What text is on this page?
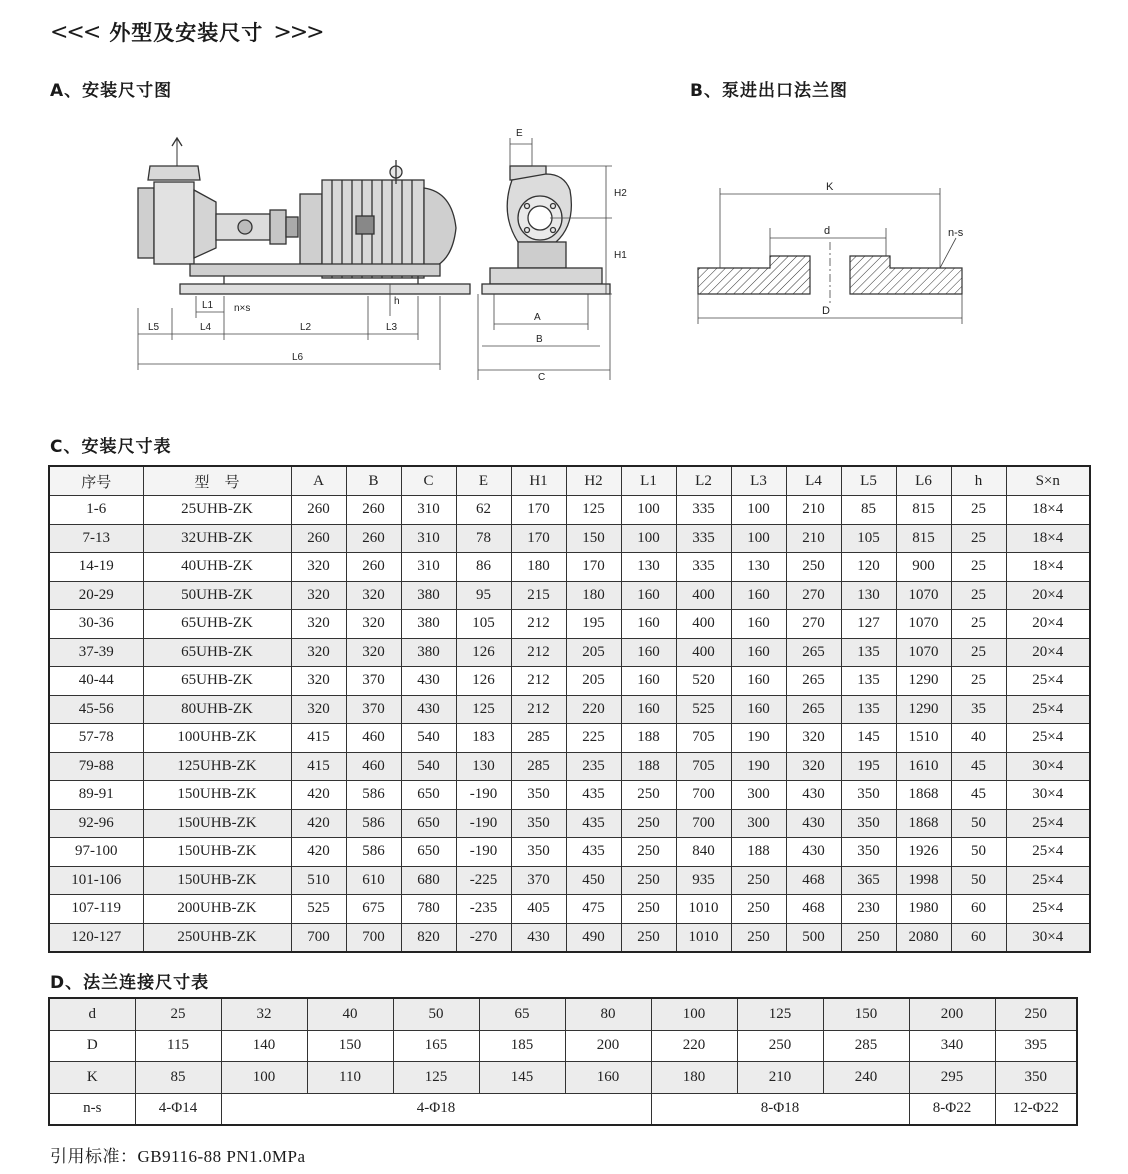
<<< 外型及安装尺寸 >>>
A、安装尺寸图	B、泵进出口法兰图
L5	L4
L1 n×s
L2	L3
h
L6
E
H2
H1
A
B
C
K
d	n-s
D
C、安装尺寸表
序号	型　号	A	B	C	E	H1	H2	L1	L2	L3	L4	L5	L6	h	S×n
1-6	25UHB-ZK	260	260	310	62	170	125	100	335	100	210	85	815	25	18×4
7-13	32UHB-ZK	260	260	310	78	170	150	100	335	100	210	105	815	25	18×4
14-19	40UHB-ZK	320	260	310	86	180	170	130	335	130	250	120	900	25	18×4
20-29	50UHB-ZK	320	320	380	95	215	180	160	400	160	270	130	1070	25	20×4
30-36	65UHB-ZK	320	320	380	105	212	195	160	400	160	270	127	1070	25	20×4
37-39	65UHB-ZK	320	320	380	126	212	205	160	400	160	265	135	1070	25	20×4
40-44	65UHB-ZK	320	370	430	126	212	205	160	520	160	265	135	1290	25	25×4
45-56	80UHB-ZK	320	370	430	125	212	220	160	525	160	265	135	1290	35	25×4
57-78	100UHB-ZK	415	460	540	183	285	225	188	705	190	320	145	1510	40	25×4
79-88	125UHB-ZK	415	460	540	130	285	235	188	705	190	320	195	1610	45	30×4
89-91	150UHB-ZK	420	586	650	-190	350	435	250	700	300	430	350	1868	45	30×4
92-96	150UHB-ZK	420	586	650	-190	350	435	250	700	300	430	350	1868	50	25×4
97-100	150UHB-ZK	420	586	650	-190	350	435	250	840	188	430	350	1926	50	25×4
101-106	150UHB-ZK	510	610	680	-225	370	450	250	935	250	468	365	1998	50	25×4
107-119	200UHB-ZK	525	675	780	-235	405	475	250	1010	250	468	230	1980	60	25×4
120-127	250UHB-ZK	700	700	820	-270	430	490	250	1010	250	500	250	2080	60	30×4
D、法兰连接尺寸表
d	25	32	40	50	65	80	100	125	150	200	250
D	115	140	150	165	185	200	220	250	285	340	395
K	85	100	110	125	145	160	180	210	240	295	350
n-s	4-Φ14	4-Φ18					8-Φ18			8-Φ22	12-Φ22
引用标准：GB9116-88 PN1.0MPa
